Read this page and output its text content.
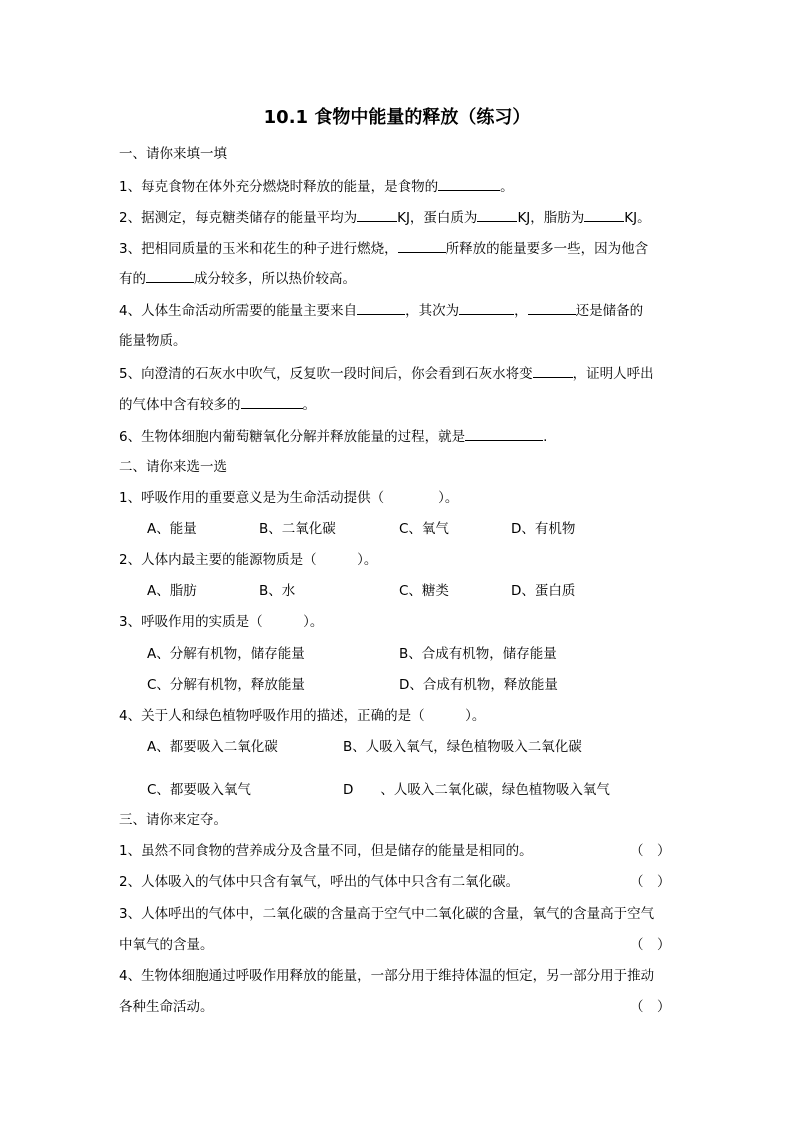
10.1 食物中能量的释放（练习）
一、请你来填一填
1、每克食物在体外充分燃烧时释放的能量，是食物的	。
2、据测定，每克糖类储存的能量平均为	KJ，蛋白质为	KJ，脂肪为	KJ。
3、把相同质量的玉米和花生的种子进行燃烧，	所释放的能量要多一些，因为他含
有的	成分较多，所以热价较高。
4、人体生命活动所需要的能量主要来自	，其次为	，	还是储备的
能量物质。
5、向澄清的石灰水中吹气，反复吹一段时间后，你会看到石灰水将变	，证明人呼出
的气体中含有较多的	。
6、生物体细胞内葡萄糖氧化分解并释放能量的过程，就是	.
二、请你来选一选
1、呼吸作用的重要意义是为生命活动提供（　　　　）。
A、能量	B、二氧化碳	C、氧气	D、有机物
2、人体内最主要的能源物质是（　　　）。
A、脂肪	B、水	C、糖类	D、蛋白质
3、呼吸作用的实质是（　　　）。
A、分解有机物，储存能量	B、合成有机物，储存能量
C、分解有机物，释放能量	D、合成有机物，释放能量
4、关于人和绿色植物呼吸作用的描述，正确的是（　　　）。
A、都要吸入二氧化碳	B、人吸入氧气，绿色植物吸入二氧化碳
C、都要吸入氧气	D　　、人吸入二氧化碳，绿色植物吸入氧气
三、请你来定夺。
1、虽然不同食物的营养成分及含量不同，但是储存的能量是相同的。	（　）
2、人体吸入的气体中只含有氧气，呼出的气体中只含有二氧化碳。	（　）
3、人体呼出的气体中，二氧化碳的含量高于空气中二氧化碳的含量，氧气的含量高于空气
中氧气的含量。	（　）
4、生物体细胞通过呼吸作用释放的能量，一部分用于维持体温的恒定，另一部分用于推动
各种生命活动。	（　）
